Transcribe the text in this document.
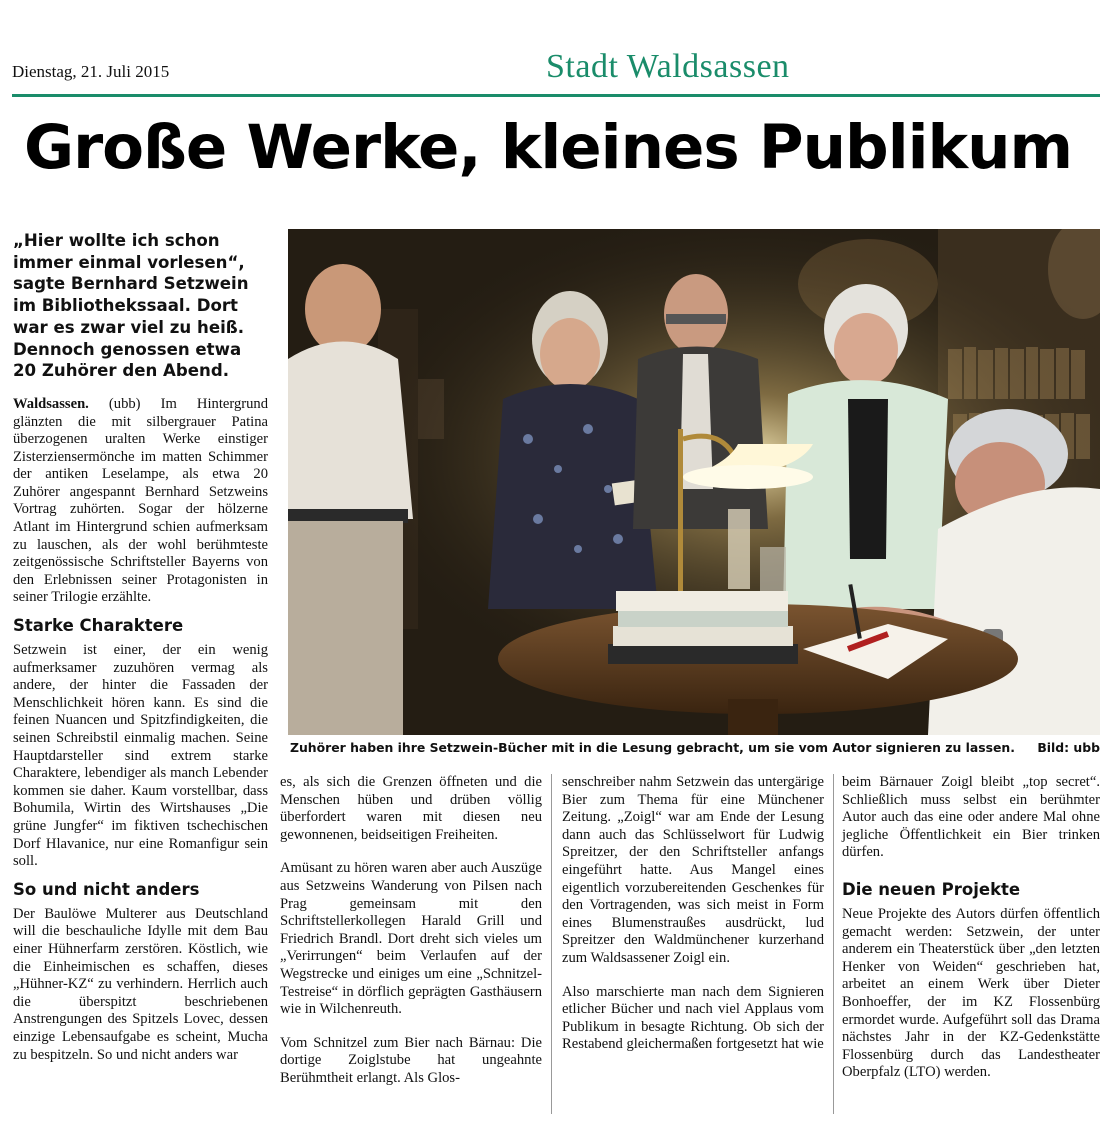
Dienstag, 21. Juli 2015	Stadt Waldsassen
Große Werke, kleines Publikum

„Hier wollte ich schon immer einmal vorlesen“, sagte Bernhard Setzwein im Bibliothekssaal. Dort war es zwar viel zu heiß. Dennoch genossen etwa 20 Zuhörer den Abend.

Waldsassen. (ubb) Im Hintergrund glänzten die mit silbergrauer Patina überzogenen uralten Werke einstiger Zisterziensermönche im matten Schimmer der antiken Leselampe, als etwa 20 Zuhörer angespannt Bernhard Setzweins Vortrag zuhörten. Sogar der hölzerne Atlant im Hintergrund schien aufmerksam zu lauschen, als der wohl berühmteste zeitgenössische Schriftsteller Bayerns von den Erlebnissen seiner Protagonisten in seiner Trilogie erzählte.

Starke Charaktere

Setzwein ist einer, der ein wenig aufmerksamer zuzuhören vermag als andere, der hinter die Fassaden der Menschlichkeit hören kann. Es sind die feinen Nuancen und Spitzfindigkeiten, die seinen Schreibstil einmalig machen. Seine Hauptdarsteller sind extrem starke Charaktere, lebendiger als manch Lebender kommen sie daher. Kaum vorstellbar, dass Bohumila, Wirtin des Wirtshauses „Die grüne Jungfer“ im fiktiven tschechischen Dorf Hlavanice, nur eine Romanfigur sein soll.

So und nicht anders

Der Baulöwe Multerer aus Deutschland will die beschauliche Idylle mit dem Bau einer Hühnerfarm zerstören. Köstlich, wie die Einheimischen es schaffen, dieses „Hühner-KZ“ zu verhindern. Herrlich auch die überspitzt beschriebenen Anstrengungen des Spitzels Lovec, dessen einzige Lebensaufgabe es scheint, Mucha zu bespitzeln. So und nicht anders war

Zuhörer haben ihre Setzwein-Bücher mit in die Lesung gebracht, um sie vom Autor signieren zu lassen. Bild: ubb

es, als sich die Grenzen öffneten und die Menschen hüben und drüben völlig überfordert waren mit diesen neu gewonnenen, beidseitigen Freiheiten.

Amüsant zu hören waren aber auch Auszüge aus Setzweins Wanderung von Pilsen nach Prag gemeinsam mit den Schriftstellerkollegen Harald Grill und Friedrich Brandl. Dort dreht sich vieles um „Verirrungen“ beim Verlaufen auf der Wegstrecke und einiges um eine „Schnitzel-Testreise“ in dörflich geprägten Gasthäusern wie in Wilchenreuth.

Vom Schnitzel zum Bier nach Bärnau: Die dortige Zoiglstube hat ungeahnte Berühmtheit erlangt. Als Glos-

senschreiber nahm Setzwein das untergärige Bier zum Thema für eine Münchener Zeitung. „Zoigl“ war am Ende der Lesung dann auch das Schlüsselwort für Ludwig Spreitzer, der den Schriftsteller anfangs eingeführt hatte. Aus Mangel eines eigentlich vorzubereitenden Geschenkes für den Vortragenden, was sich meist in Form eines Blumenstraußes ausdrückt, lud Spreitzer den Waldmünchener kurzerhand zum Waldsassener Zoigl ein.

Also marschierte man nach dem Signieren etlicher Bücher und nach viel Applaus vom Publikum in besagte Richtung. Ob sich der Restabend gleichermaßen fortgesetzt hat wie

beim Bärnauer Zoigl bleibt „top secret“. Schließlich muss selbst ein berühmter Autor auch das eine oder andere Mal ohne jegliche Öffentlichkeit ein Bier trinken dürfen.

Die neuen Projekte

Neue Projekte des Autors dürfen öffentlich gemacht werden: Setzwein, der unter anderem ein Theaterstück über „den letzten Henker von Weiden“ geschrieben hat, arbeitet an einem Werk über Dieter Bonhoeffer, der im KZ Flossenbürg ermordet wurde. Aufgeführt soll das Drama nächstes Jahr in der KZ-Gedenkstätte Flossenbürg durch das Landestheater Oberpfalz (LTO) werden.
